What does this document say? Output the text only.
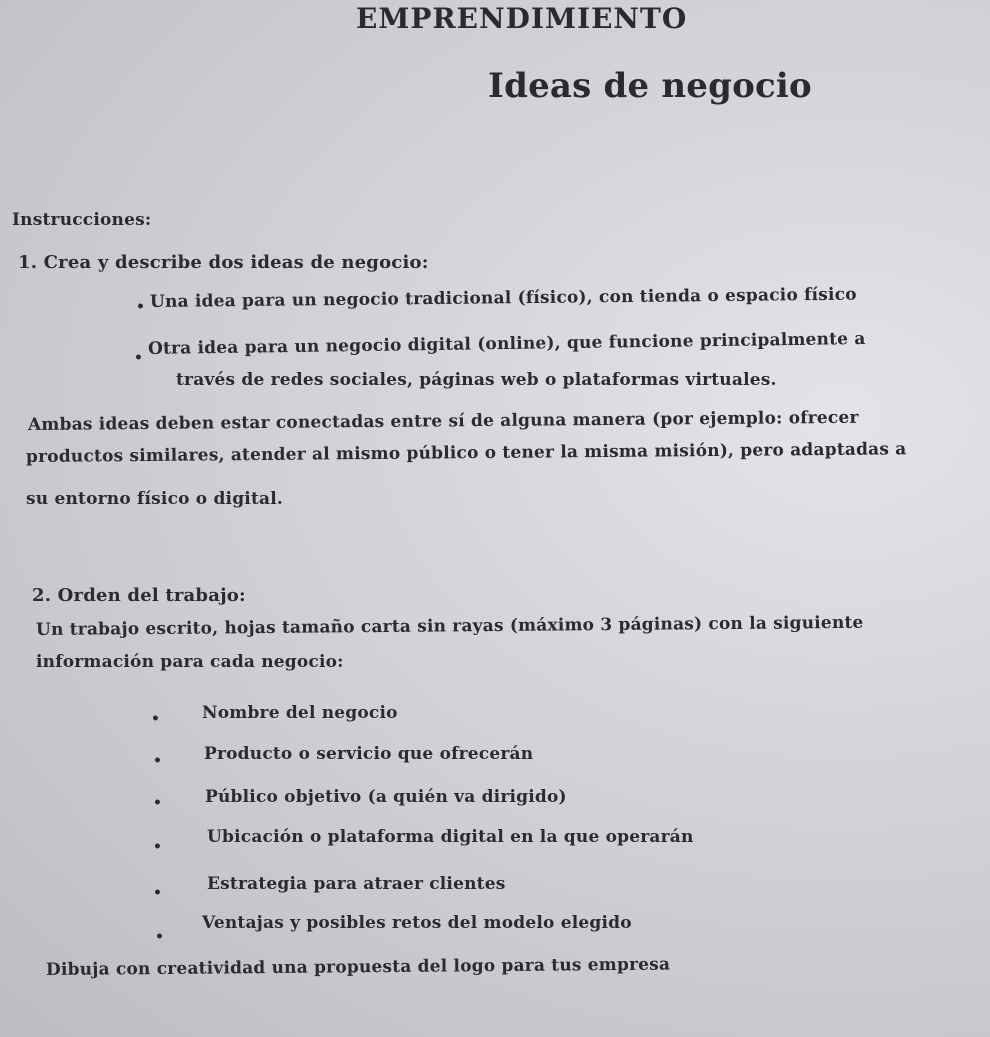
EMPRENDIMIENTO
Ideas de negocio
Instrucciones:
1. Crea y describe dos ideas de negocio:
•
Una idea para un negocio tradicional (físico), con tienda o espacio físico
•
Otra idea para un negocio digital (online), que funcione principalmente a
través de redes sociales, páginas web o plataformas virtuales.
Ambas ideas deben estar conectadas entre sí de alguna manera (por ejemplo: ofrecer
productos similares, atender al mismo público o tener la misma misión), pero adaptadas a
su entorno físico o digital.
2. Orden del trabajo:
Un trabajo escrito, hojas tamaño carta sin rayas (máximo 3 páginas) con la siguiente
información para cada negocio:
•
Nombre del negocio
•
Producto o servicio que ofrecerán
•
Público objetivo (a quién va dirigido)
•
Ubicación o plataforma digital en la que operarán
•
Estrategia para atraer clientes
•
Ventajas y posibles retos del modelo elegido
Dibuja con creatividad una propuesta del logo para tus empresa
